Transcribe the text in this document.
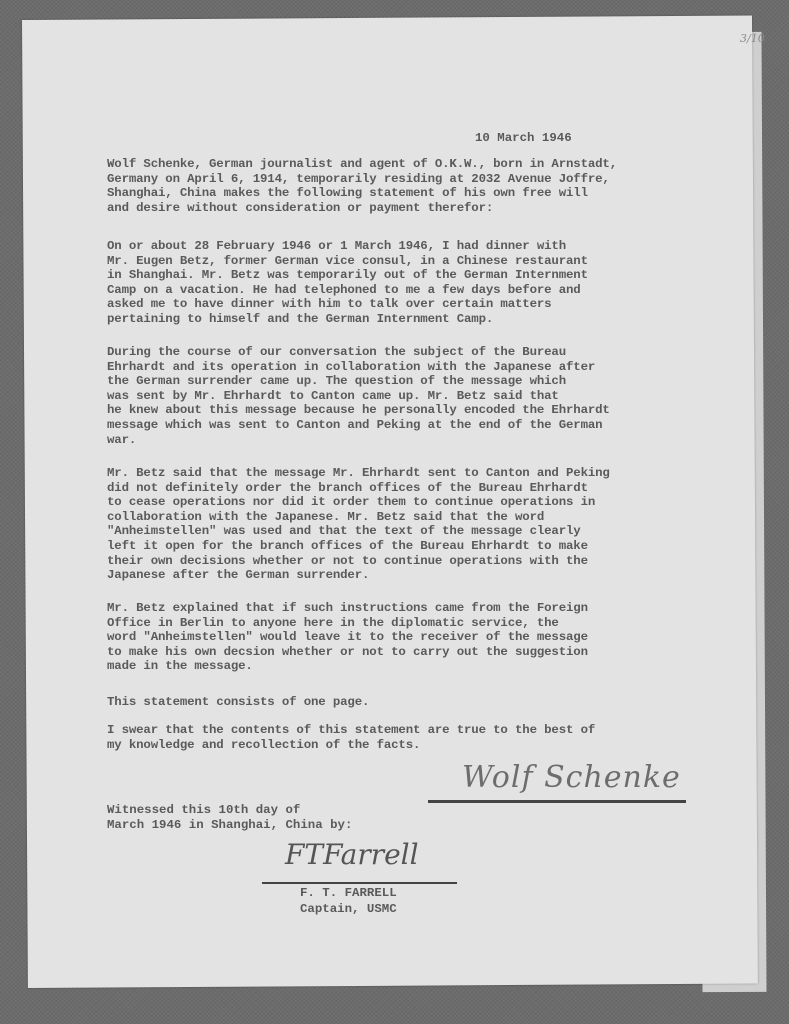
3/10
10 March 1946
Wolf Schenke, German journalist and agent of O.K.W., born in Arnstadt,
Germany on April 6, 1914, temporarily residing at 2032 Avenue Joffre,
Shanghai, China makes the following statement of his own free will
and desire without consideration or payment therefor:
On or about 28 February 1946 or 1 March 1946, I had dinner with
Mr. Eugen Betz, former German vice consul, in a Chinese restaurant
in Shanghai. Mr. Betz was temporarily out of the German Internment
Camp on a vacation. He had telephoned to me a few days before and
asked me to have dinner with him to talk over certain matters
pertaining to himself and the German Internment Camp.
During the course of our conversation the subject of the Bureau
Ehrhardt and its operation in collaboration with the Japanese after
the German surrender came up. The question of the message which
was sent by Mr. Ehrhardt to Canton came up. Mr. Betz said that
he knew about this message because he personally encoded the Ehrhardt
message which was sent to Canton and Peking at the end of the German
war.
Mr. Betz said that the message Mr. Ehrhardt sent to Canton and Peking
did not definitely order the branch offices of the Bureau Ehrhardt
to cease operations nor did it order them to continue operations in
collaboration with the Japanese. Mr. Betz said that the word
"Anheimstellen" was used and that the text of the message clearly
left it open for the branch offices of the Bureau Ehrhardt to make
their own decisions whether or not to continue operations with the
Japanese after the German surrender.
Mr. Betz explained that if such instructions came from the Foreign
Office in Berlin to anyone here in the diplomatic service, the
word "Anheimstellen" would leave it to the receiver of the message
to make his own decsion whether or not to carry out the suggestion
made in the message.
This statement consists of one page.
I swear that the contents of this statement are true to the best of
my knowledge and recollection of the facts.
Wolf Schenke
Witnessed this 10th day of
March 1946 in Shanghai, China by:
FTFarrell
F. T. FARRELL
Captain, USMC
